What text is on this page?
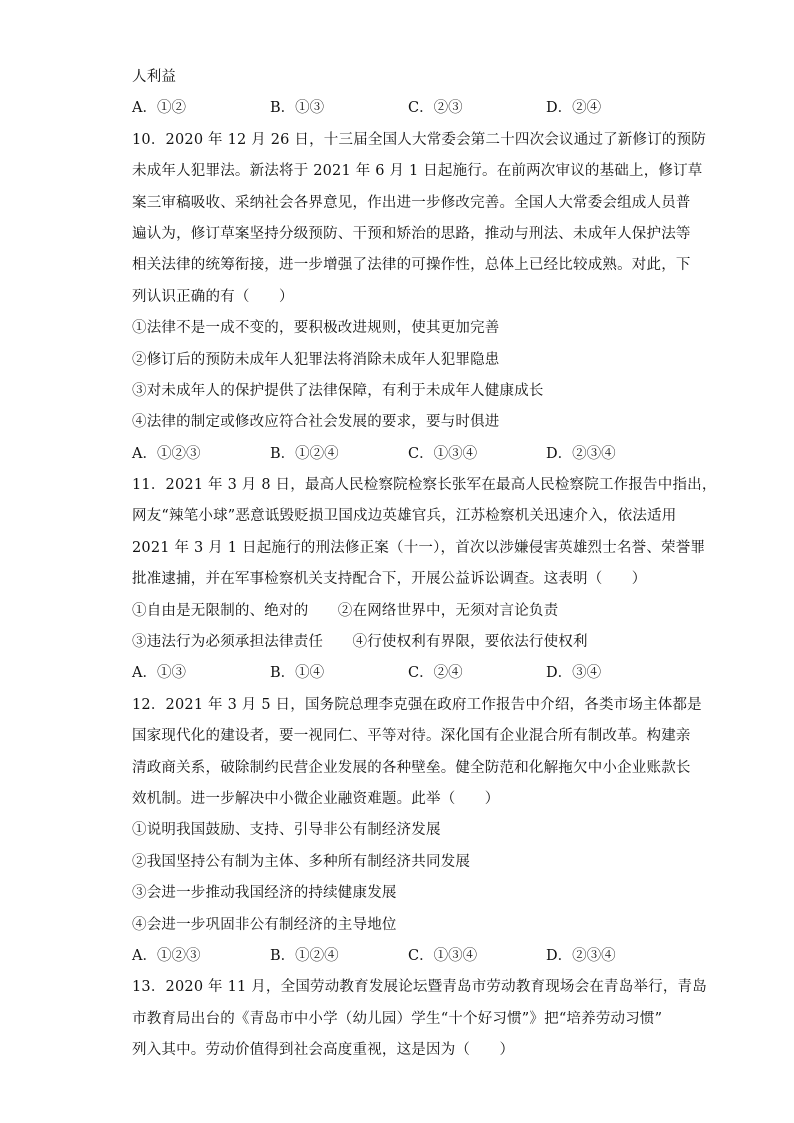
人利益
A．①②	B．①③	C．②③	D．②④
10．2020 年 12 月 26 日，十三届全国人大常委会第二十四次会议通过了新修订的预防
未成年人犯罪法。新法将于 2021 年 6 月 1 日起施行。在前两次审议的基础上，修订草
案三审稿吸收、采纳社会各界意见，作出进一步修改完善。全国人大常委会组成人员普
遍认为，修订草案坚持分级预防、干预和矫治的思路，推动与刑法、未成年人保护法等
相关法律的统筹衔接，进一步增强了法律的可操作性，总体上已经比较成熟。对此，下
列认识正确的有（　　）
①法律不是一成不变的，要积极改进规则，使其更加完善
②修订后的预防未成年人犯罪法将消除未成年人犯罪隐患
③对未成年人的保护提供了法律保障，有利于未成年人健康成长
④法律的制定或修改应符合社会发展的要求，要与时俱进
A．①②③	B．①②④	C．①③④	D．②③④
11．2021 年 3 月 8 日，最高人民检察院检察长张军在最高人民检察院工作报告中指出，
网友“辣笔小球”恶意诋毁贬损卫国戍边英雄官兵，江苏检察机关迅速介入，依法适用
2021 年 3 月 1 日起施行的刑法修正案（十一），首次以涉嫌侵害英雄烈士名誉、荣誉罪
批准逮捕，并在军事检察机关支持配合下，开展公益诉讼调查。这表明（　　）
①自由是无限制的、绝对的　　②在网络世界中，无须对言论负责
③违法行为必须承担法律责任　　④行使权利有界限，要依法行使权利
A．①③	B．①④	C．②④	D．③④
12．2021 年 3 月 5 日，国务院总理李克强在政府工作报告中介绍，各类市场主体都是
国家现代化的建设者，要一视同仁、平等对待。深化国有企业混合所有制改革。构建亲
清政商关系，破除制约民营企业发展的各种壁垒。健全防范和化解拖欠中小企业账款长
效机制。进一步解决中小微企业融资难题。此举（　　）
①说明我国鼓励、支持、引导非公有制经济发展
②我国坚持公有制为主体、多种所有制经济共同发展
③会进一步推动我国经济的持续健康发展
④会进一步巩固非公有制经济的主导地位
A．①②③	B．①②④	C．①③④	D．②③④
13．2020 年 11 月，全国劳动教育发展论坛暨青岛市劳动教育现场会在青岛举行，青岛
市教育局出台的《青岛市中小学（幼儿园）学生“十个好习惯”》把“培养劳动习惯”
列入其中。劳动价值得到社会高度重视，这是因为（　　）
